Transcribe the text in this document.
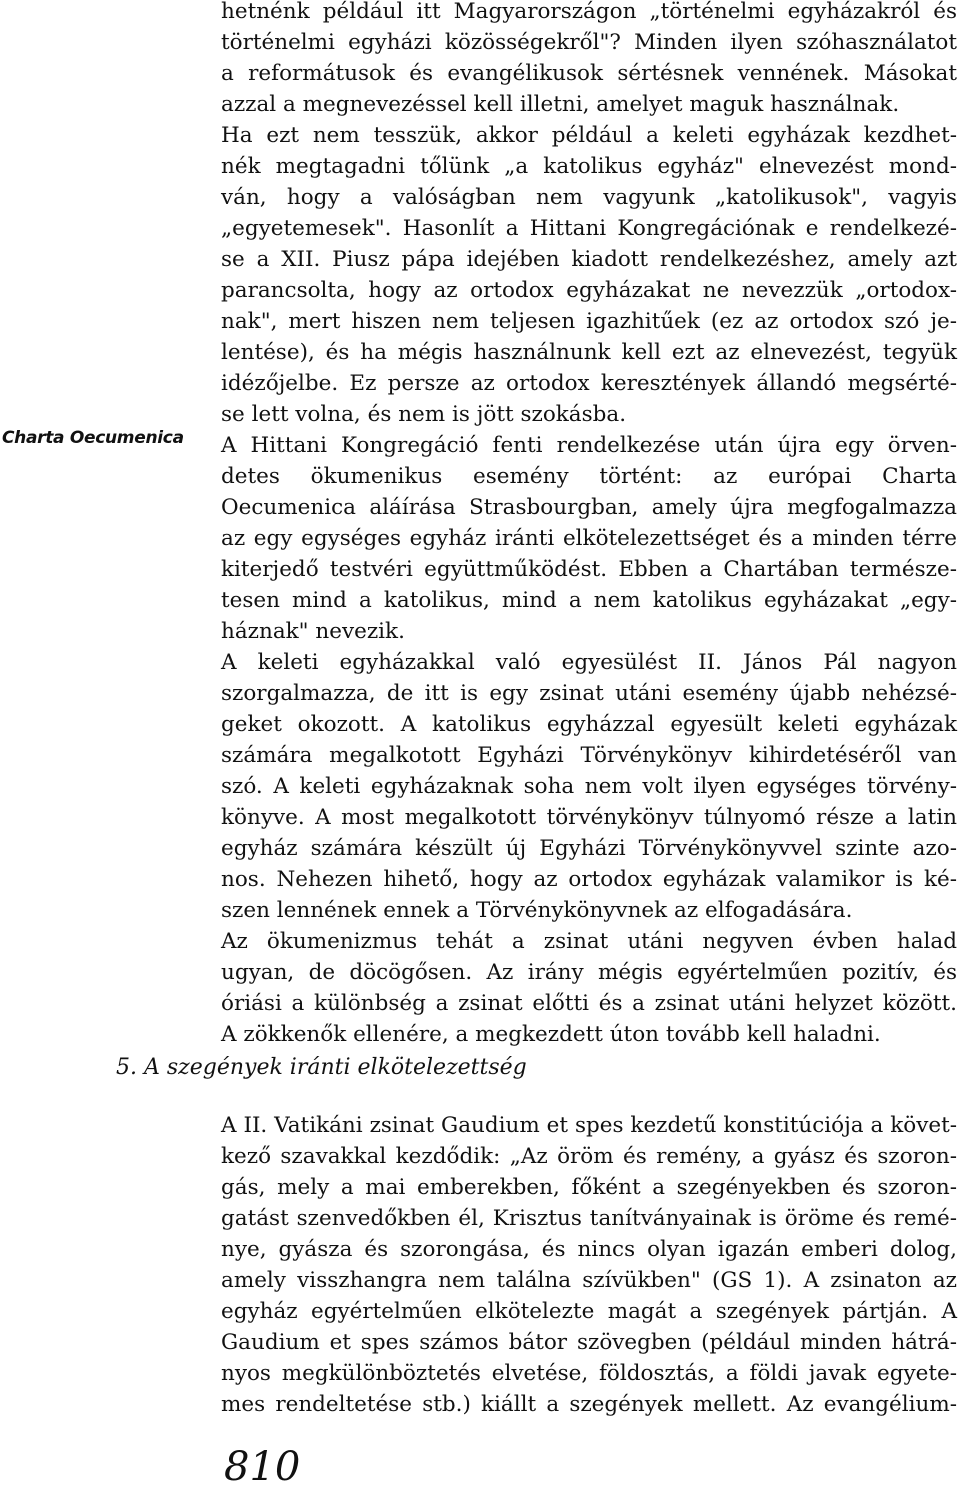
Charta Oecumenica

hetnénk például itt Magyarországon „történelmi egyházakról és

történelmi egyházi közösségekről"? Minden ilyen szóhasználatot

a reformátusok és evangélikusok sértésnek vennének. Másokat

azzal a megnevezéssel kell illetni, amelyet maguk használnak.

Ha ezt nem tesszük, akkor például a keleti egyházak kezdhet-

nék megtagadni tőlünk „a katolikus egyház" elnevezést mond-

ván, hogy a valóságban nem vagyunk „katolikusok", vagyis

„egyetemesek". Hasonlít a Hittani Kongregációnak e rendelkezé-

se a XII. Piusz pápa idejében kiadott rendelkezéshez, amely azt

parancsolta, hogy az ortodox egyházakat ne nevezzük „ortodox-

nak", mert hiszen nem teljesen igazhitűek (ez az ortodox szó je-

lentése), és ha mégis használnunk kell ezt az elnevezést, tegyük

idézőjelbe. Ez persze az ortodox keresztények állandó megsérté-

se lett volna, és nem is jött szokásba.

A Hittani Kongregáció fenti rendelkezése után újra egy örven-

detes ökumenikus esemény történt: az európai Charta

Oecumenica aláírása Strasbourgban, amely újra megfogalmazza

az egy egységes egyház iránti elkötelezettséget és a minden térre

kiterjedő testvéri együttműködést. Ebben a Chartában természe-

tesen mind a katolikus, mind a nem katolikus egyházakat „egy-

háznak" nevezik.

A keleti egyházakkal való egyesülést II. János Pál nagyon

szorgalmazza, de itt is egy zsinat utáni esemény újabb nehézsé-

geket okozott. A katolikus egyházzal egyesült keleti egyházak

számára megalkotott Egyházi Törvénykönyv kihirdetéséről van

szó. A keleti egyházaknak soha nem volt ilyen egységes törvény-

könyve. A most megalkotott törvénykönyv túlnyomó része a latin

egyház számára készült új Egyházi Törvénykönyvvel szinte azo-

nos. Nehezen hihető, hogy az ortodox egyházak valamikor is ké-

szen lennének ennek a Törvénykönyvnek az elfogadására.

Az ökumenizmus tehát a zsinat utáni negyven évben halad

ugyan, de döcögősen. Az irány mégis egyértelműen pozitív, és

óriási a különbség a zsinat előtti és a zsinat utáni helyzet között.

A zökkenők ellenére, a megkezdett úton tovább kell haladni.

5. A szegények iránti elkötelezettség

A II. Vatikáni zsinat Gaudium et spes kezdetű konstitúciója a követ-

kező szavakkal kezdődik: „Az öröm és remény, a gyász és szoron-

gás, mely a mai emberekben, főként a szegényekben és szoron-

gatást szenvedőkben él, Krisztus tanítványainak is öröme és remé-

nye, gyásza és szorongása, és nincs olyan igazán emberi dolog,

amely visszhangra nem találna szívükben" (GS 1). A zsinaton az

egyház egyértelműen elkötelezte magát a szegények pártján. A

Gaudium et spes számos bátor szövegben (például minden hátrá-

nyos megkülönböztetés elvetése, földosztás, a földi javak egyete-

mes rendeltetése stb.) kiállt a szegények mellett. Az evangélium-

810
